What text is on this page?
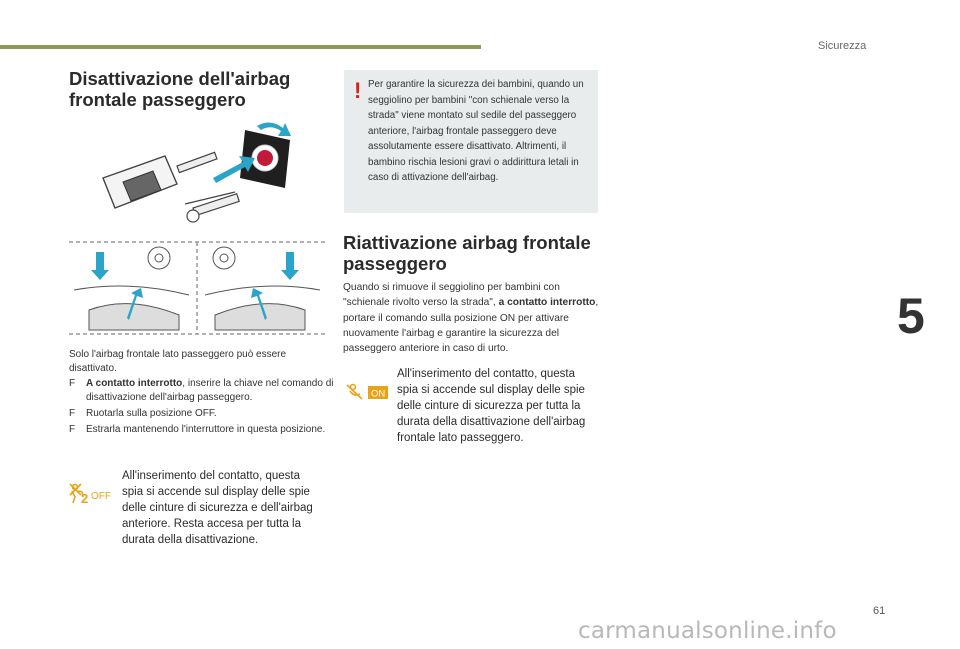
Sicurezza
5
Disattivazione dell'airbag frontale passeggero

Solo l'airbag frontale lato passeggero può essere disattivato.

F A contatto interrotto, inserire la chiave nel comando di disattivazione dell'airbag passeggero.
F Ruotarla sulla posizione OFF.
F Estrarla mantenendo l'interruttore in questa posizione.
2 OFF

All'inserimento del contatto, questa spia si accende sul display delle spie delle cinture di sicurezza e dell'airbag anteriore. Resta accesa per tutta la durata della disattivazione.

! Per garantire la sicurezza dei bambini, quando un seggiolino per bambini "con schienale verso la strada" viene montato sul sedile del passeggero anteriore, l'airbag frontale passeggero deve assolutamente essere disattivato. Altrimenti, il bambino rischia lesioni gravi o addirittura letali in caso di attivazione dell'airbag.

Riattivazione airbag frontale passeggero

Quando si rimuove il seggiolino per bambini con "schienale rivolto verso la strada", a contatto interrotto, portare il comando sulla posizione ON per attivare nuovamente l'airbag e garantire la sicurezza del passeggero anteriore in caso di urto.

ON

All'inserimento del contatto, questa spia si accende sul display delle spie delle cinture di sicurezza per tutta la durata della disattivazione dell'airbag frontale lato passeggero.

61
carmanualsonline.info
